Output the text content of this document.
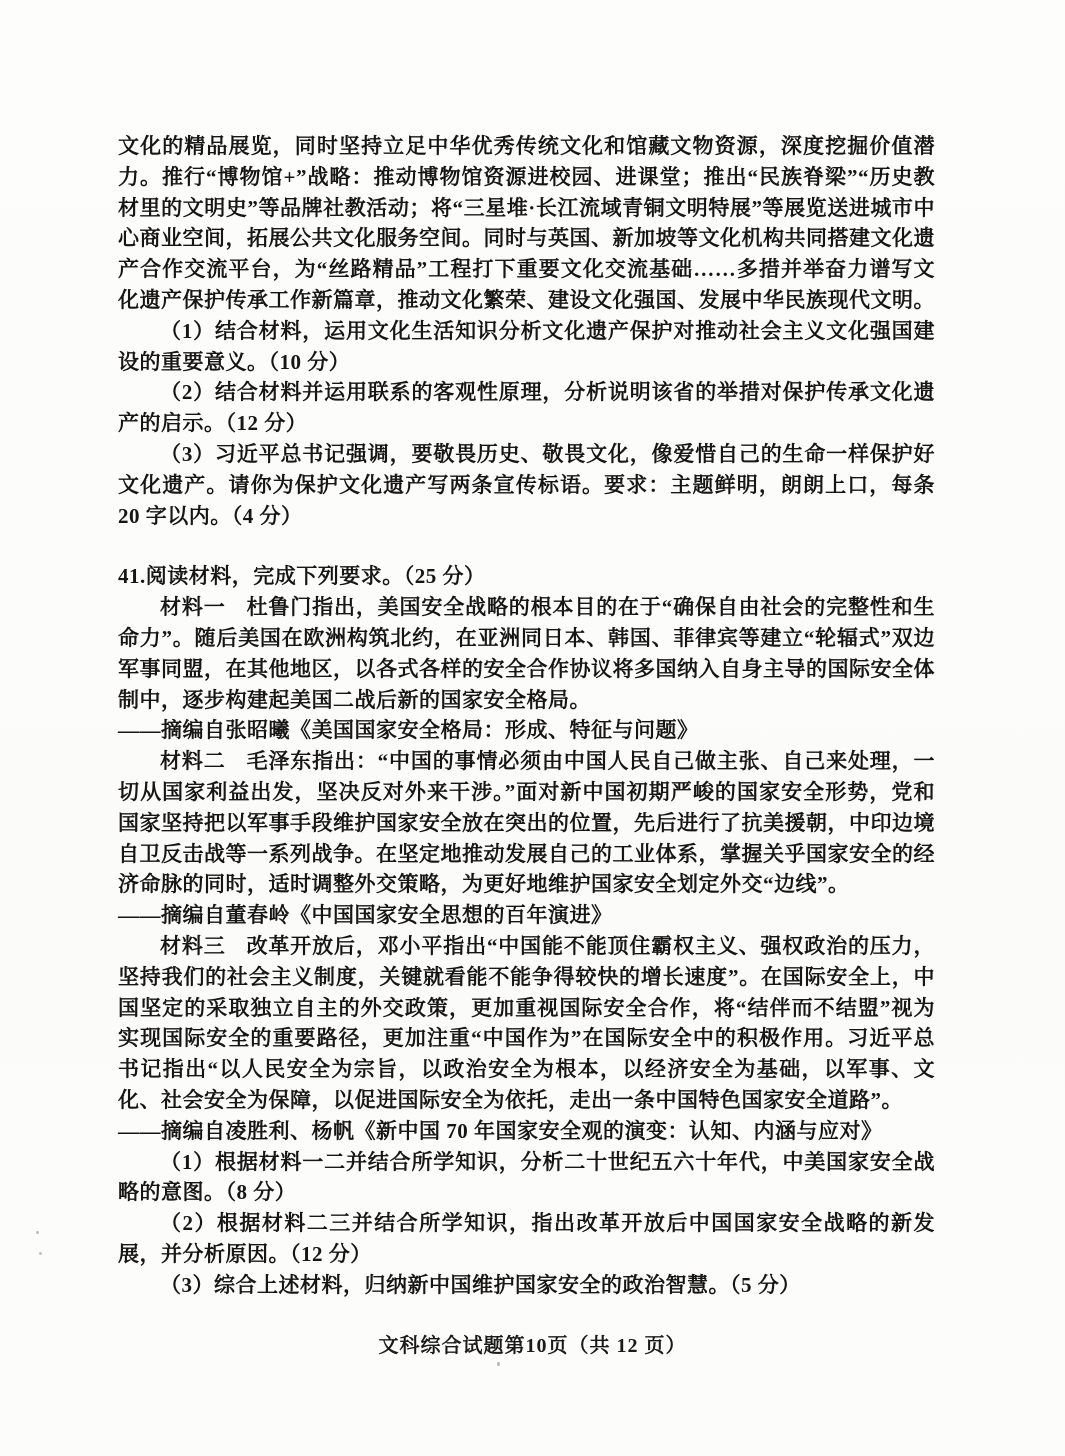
文化的精品展览，同时坚持立足中华优秀传统文化和馆藏文物资源，深度挖掘价值潜力。推行“博物馆+”战略：推动博物馆资源进校园、进课堂；推出“民族脊梁”“历史教材里的文明史”等品牌社教活动；将“三星堆·长江流域青铜文明特展”等展览送进城市中心商业空间，拓展公共文化服务空间。同时与英国、新加坡等文化机构共同搭建文化遗产合作交流平台，为“丝路精品”工程打下重要文化交流基础……多措并举奋力谱写文化遗产保护传承工作新篇章，推动文化繁荣、建设文化强国、发展中华民族现代文明。

（1）结合材料，运用文化生活知识分析文化遗产保护对推动社会主义文化强国建设的重要意义。（10 分）

（2）结合材料并运用联系的客观性原理，分析说明该省的举措对保护传承文化遗产的启示。（12 分）

（3）习近平总书记强调，要敬畏历史、敬畏文化，像爱惜自己的生命一样保护好文化遗产。请你为保护文化遗产写两条宣传标语。要求：主题鲜明，朗朗上口，每条 20 字以内。（4 分）

41.阅读材料，完成下列要求。（25 分）

材料一 杜鲁门指出，美国安全战略的根本目的在于“确保自由社会的完整性和生命力”。随后美国在欧洲构筑北约，在亚洲同日本、韩国、菲律宾等建立“轮辐式”双边军事同盟，在其他地区，以各式各样的安全合作协议将多国纳入自身主导的国际安全体制中，逐步构建起美国二战后新的国家安全格局。

——摘编自张昭曦《美国国家安全格局：形成、特征与问题》

材料二 毛泽东指出：“中国的事情必须由中国人民自己做主张、自己来处理，一切从国家利益出发，坚决反对外来干涉。”面对新中国初期严峻的国家安全形势，党和国家坚持把以军事手段维护国家安全放在突出的位置，先后进行了抗美援朝，中印边境自卫反击战等一系列战争。在坚定地推动发展自己的工业体系，掌握关乎国家安全的经济命脉的同时，适时调整外交策略，为更好地维护国家安全划定外交“边线”。

——摘编自董春岭《中国国家安全思想的百年演进》

材料三 改革开放后，邓小平指出“中国能不能顶住霸权主义、强权政治的压力，坚持我们的社会主义制度，关键就看能不能争得较快的增长速度”。在国际安全上，中国坚定的采取独立自主的外交政策，更加重视国际安全合作，将“结伴而不结盟”视为实现国际安全的重要路径，更加注重“中国作为”在国际安全中的积极作用。习近平总书记指出“以人民安全为宗旨，以政治安全为根本，以经济安全为基础，以军事、文化、社会安全为保障，以促进国际安全为依托，走出一条中国特色国家安全道路”。

——摘编自凌胜利、杨帆《新中国 70 年国家安全观的演变：认知、内涵与应对》

（1）根据材料一二并结合所学知识，分析二十世纪五六十年代，中美国家安全战略的意图。（8 分）

（2）根据材料二三并结合所学知识，指出改革开放后中国国家安全战略的新发展，并分析原因。（12 分）

（3）综合上述材料，归纳新中国维护国家安全的政治智慧。（5 分）

文科综合试题第10页（共 12 页）
